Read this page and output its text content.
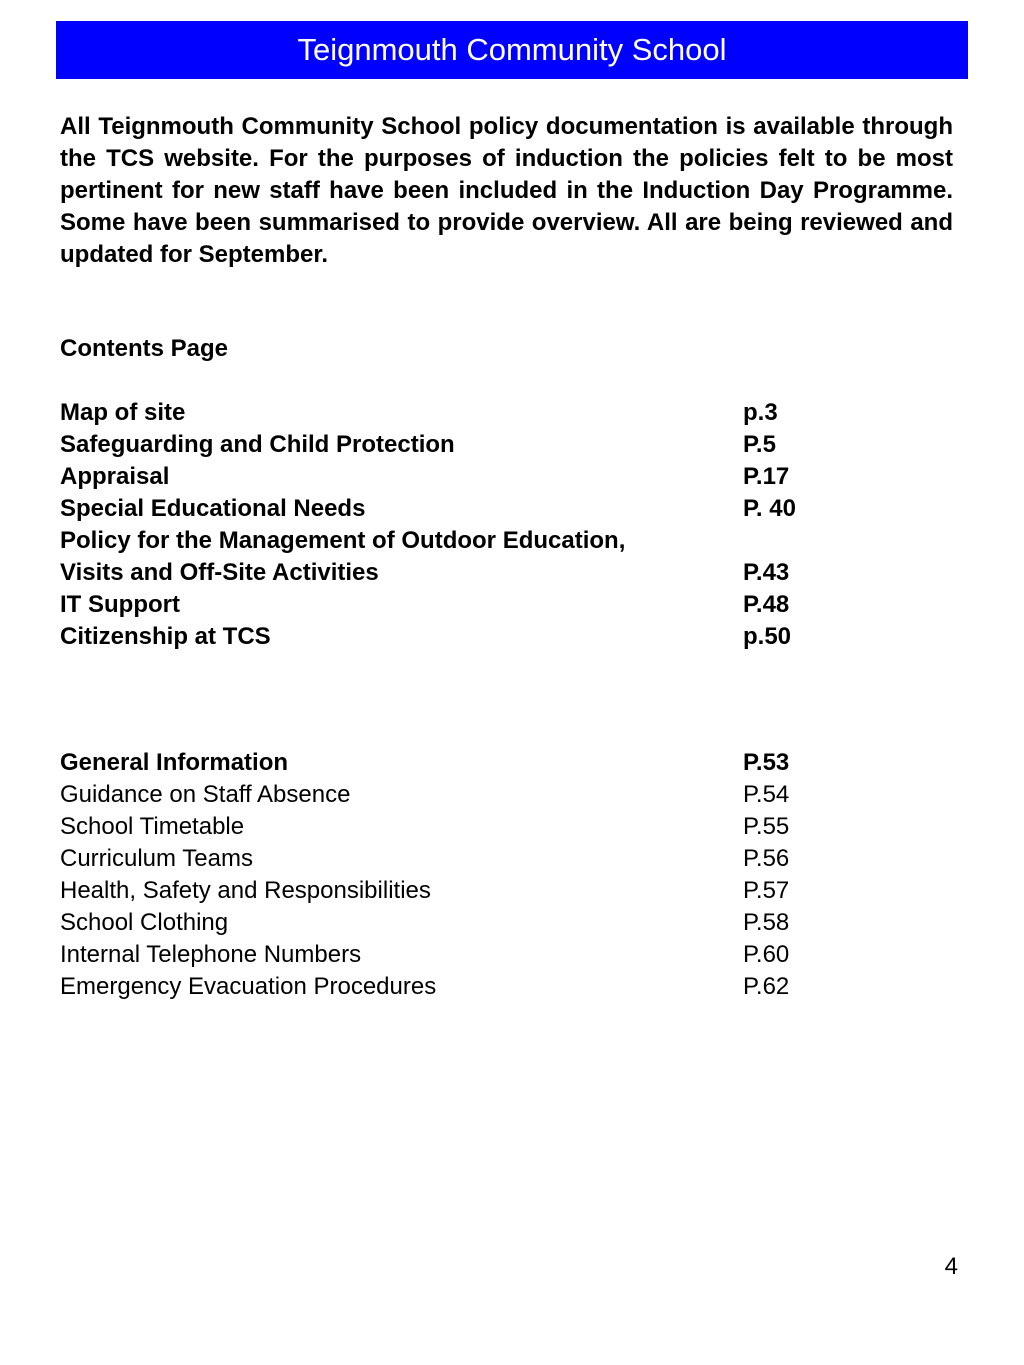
Teignmouth Community School

All Teignmouth Community School policy documentation is available through the TCS website. For the purposes of induction the policies felt to be most pertinent for new staff have been included in the Induction Day Programme. Some have been summarised to provide overview. All are being reviewed and updated for September.

Contents Page

Map of site	p.3
Safeguarding and Child Protection	P.5
Appraisal	P.17
Special Educational Needs	P. 40
Policy for the Management of Outdoor Education,
Visits and Off-Site Activities	P.43
IT Support	P.48
Citizenship at TCS	p.50
General Information	P.53
Guidance on Staff Absence	P.54
School Timetable	P.55
Curriculum Teams	P.56
Health, Safety and Responsibilities	P.57
School Clothing	P.58
Internal Telephone Numbers	P.60
Emergency Evacuation Procedures	P.62
4
